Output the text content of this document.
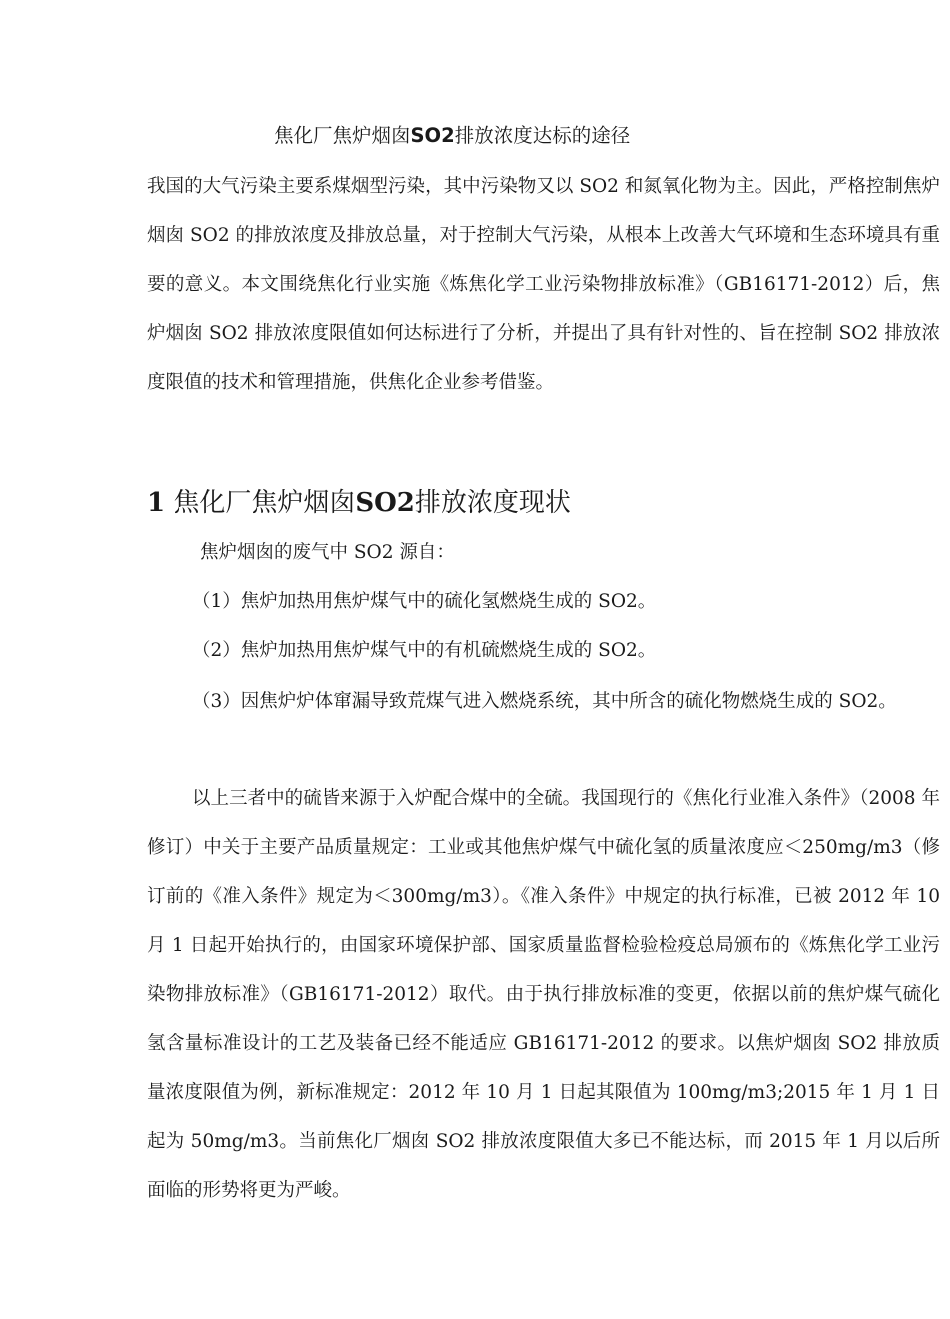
焦化厂焦炉烟囱SO2排放浓度达标的途径

我国的大气污染主要系煤烟型污染，其中污染物又以 SO2 和氮氧化物为主。因此，严格控制焦炉烟囱 SO2 的排放浓度及排放总量，对于控制大气污染，从根本上改善大气环境和生态环境具有重要的意义。本文围绕焦化行业实施《炼焦化学工业污染物排放标准》（GB16171-2012）后，焦炉烟囱 SO2 排放浓度限值如何达标进行了分析，并提出了具有针对性的、旨在控制 SO2 排放浓度限值的技术和管理措施，供焦化企业参考借鉴。

1 焦化厂焦炉烟囱SO2排放浓度现状

焦炉烟囱的废气中 SO2 源自：

（1）焦炉加热用焦炉煤气中的硫化氢燃烧生成的 SO2。

（2）焦炉加热用焦炉煤气中的有机硫燃烧生成的 SO2。

（3）因焦炉炉体窜漏导致荒煤气进入燃烧系统，其中所含的硫化物燃烧生成的 SO2。

以上三者中的硫皆来源于入炉配合煤中的全硫。我国现行的《焦化行业准入条件》（2008 年修订）中关于主要产品质量规定：工业或其他焦炉煤气中硫化氢的质量浓度应＜250mg/m3（修订前的《准入条件》规定为＜300mg/m3）。《准入条件》中规定的执行标准，已被 2012 年 10 月 1 日起开始执行的，由国家环境保护部、国家质量监督检验检疫总局颁布的《炼焦化学工业污染物排放标准》（GB16171-2012）取代。由于执行排放标准的变更，依据以前的焦炉煤气硫化氢含量标准设计的工艺及装备已经不能适应 GB16171-2012 的要求。以焦炉烟囱 SO2 排放质量浓度限值为例，新标准规定：2012 年 10 月 1 日起其限值为 100mg/m3;2015 年 1 月 1 日起为 50mg/m3。当前焦化厂烟囱 SO2 排放浓度限值大多已不能达标，而 2015 年 1 月以后所面临的形势将更为严峻。
